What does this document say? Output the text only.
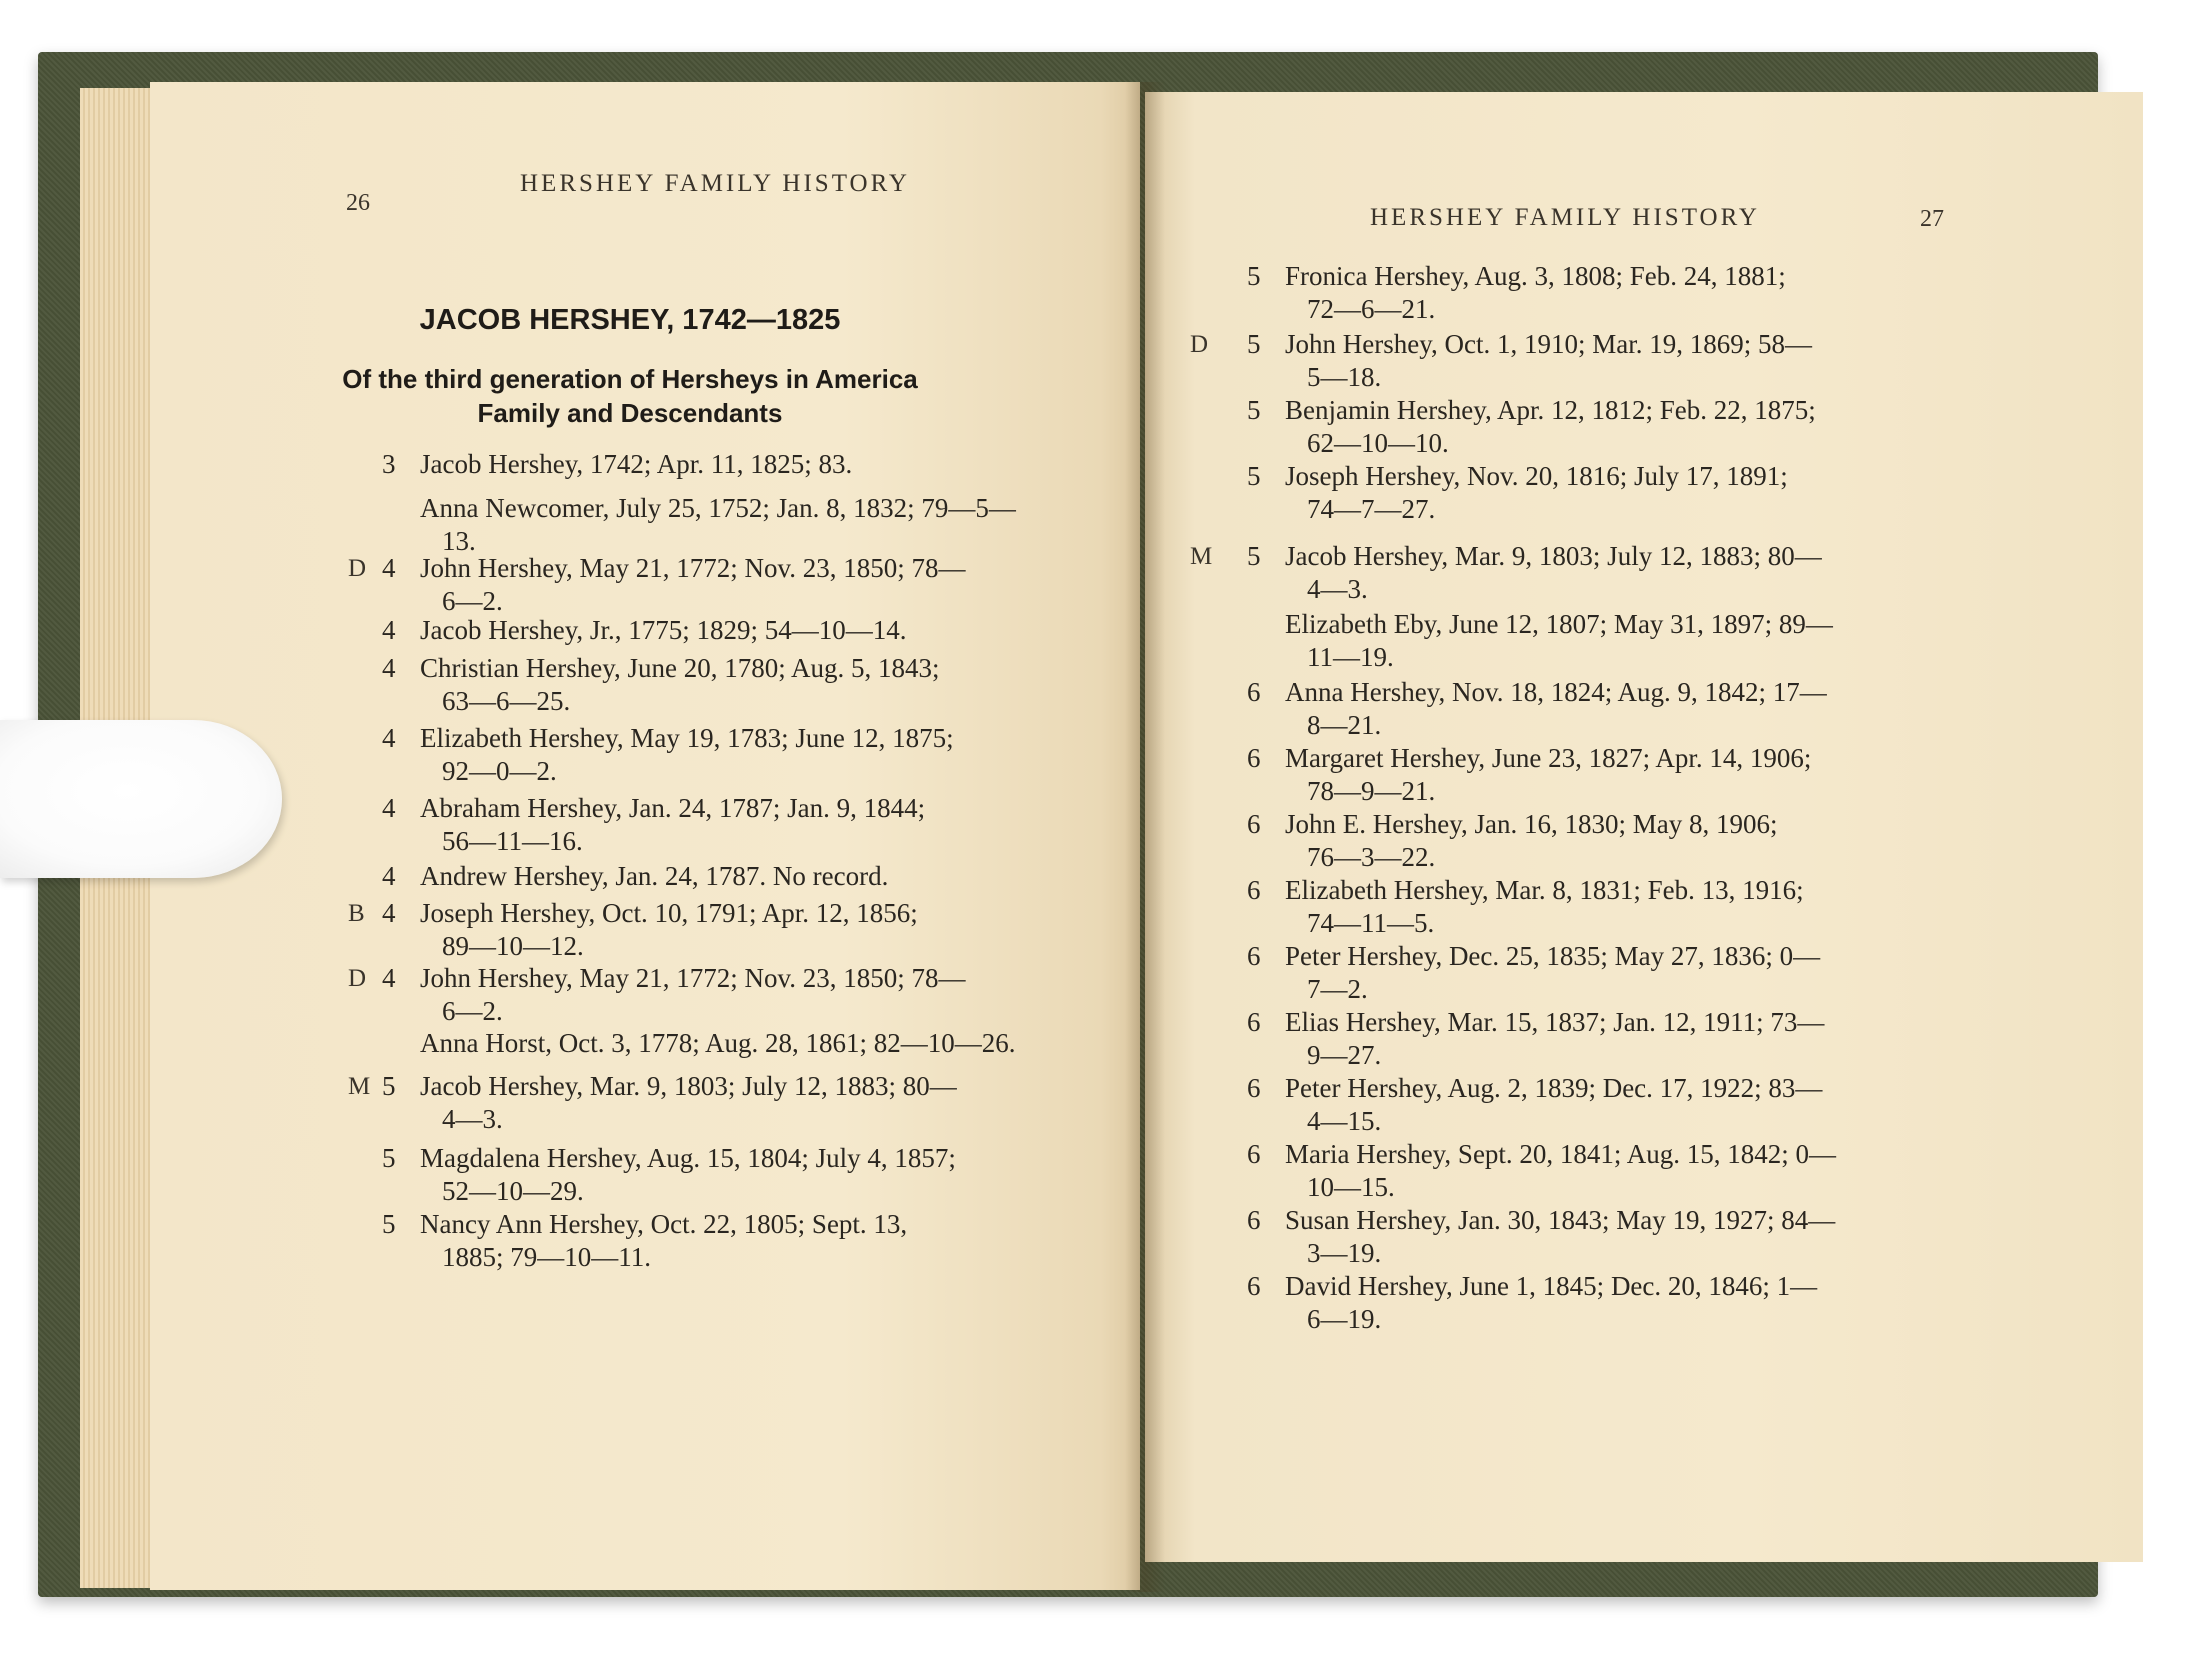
26
HERSHEY FAMILY HISTORY
JACOB HERSHEY, 1742—1825
Of the third generation of Hersheys in America
Family and Descendants
3 Jacob Hershey, 1742; Apr. 11, 1825; 83.
Anna Newcomer, July 25, 1752; Jan. 8, 1832; 79—5—
13.
D 4 John Hershey, May 21, 1772; Nov. 23, 1850; 78—
6—2.
4 Jacob Hershey, Jr., 1775; 1829; 54—10—14.
4 Christian Hershey, June 20, 1780; Aug. 5, 1843;
63—6—25.
4 Elizabeth Hershey, May 19, 1783; June 12, 1875;
92—0—2.
4 Abraham Hershey, Jan. 24, 1787; Jan. 9, 1844;
56—11—16.
4 Andrew Hershey, Jan. 24, 1787. No record.
B 4 Joseph Hershey, Oct. 10, 1791; Apr. 12, 1856;
89—10—12.
D 4 John Hershey, May 21, 1772; Nov. 23, 1850; 78—
6—2.
Anna Horst, Oct. 3, 1778; Aug. 28, 1861; 82—10—26.
M 5 Jacob Hershey, Mar. 9, 1803; July 12, 1883; 80—
4—3.
5 Magdalena Hershey, Aug. 15, 1804; July 4, 1857;
52—10—29.
5 Nancy Ann Hershey, Oct. 22, 1805; Sept. 13,
1885; 79—10—11.
HERSHEY FAMILY HISTORY	27
5 Fronica Hershey, Aug. 3, 1808; Feb. 24, 1881;
72—6—21.
D 5 John Hershey, Oct. 1, 1910; Mar. 19, 1869; 58—
5—18.
5 Benjamin Hershey, Apr. 12, 1812; Feb. 22, 1875;
62—10—10.
5 Joseph Hershey, Nov. 20, 1816; July 17, 1891;
74—7—27.
M 5 Jacob Hershey, Mar. 9, 1803; July 12, 1883; 80—
4—3.
Elizabeth Eby, June 12, 1807; May 31, 1897; 89—
11—19.
6 Anna Hershey, Nov. 18, 1824; Aug. 9, 1842; 17—
8—21.
6 Margaret Hershey, June 23, 1827; Apr. 14, 1906;
78—9—21.
6 John E. Hershey, Jan. 16, 1830; May 8, 1906;
76—3—22.
6 Elizabeth Hershey, Mar. 8, 1831; Feb. 13, 1916;
74—11—5.
6 Peter Hershey, Dec. 25, 1835; May 27, 1836; 0—
7—2.
6 Elias Hershey, Mar. 15, 1837; Jan. 12, 1911; 73—
9—27.
6 Peter Hershey, Aug. 2, 1839; Dec. 17, 1922; 83—
4—15.
6 Maria Hershey, Sept. 20, 1841; Aug. 15, 1842; 0—
10—15.
6 Susan Hershey, Jan. 30, 1843; May 19, 1927; 84—
3—19.
6 David Hershey, June 1, 1845; Dec. 20, 1846; 1—
6—19.
